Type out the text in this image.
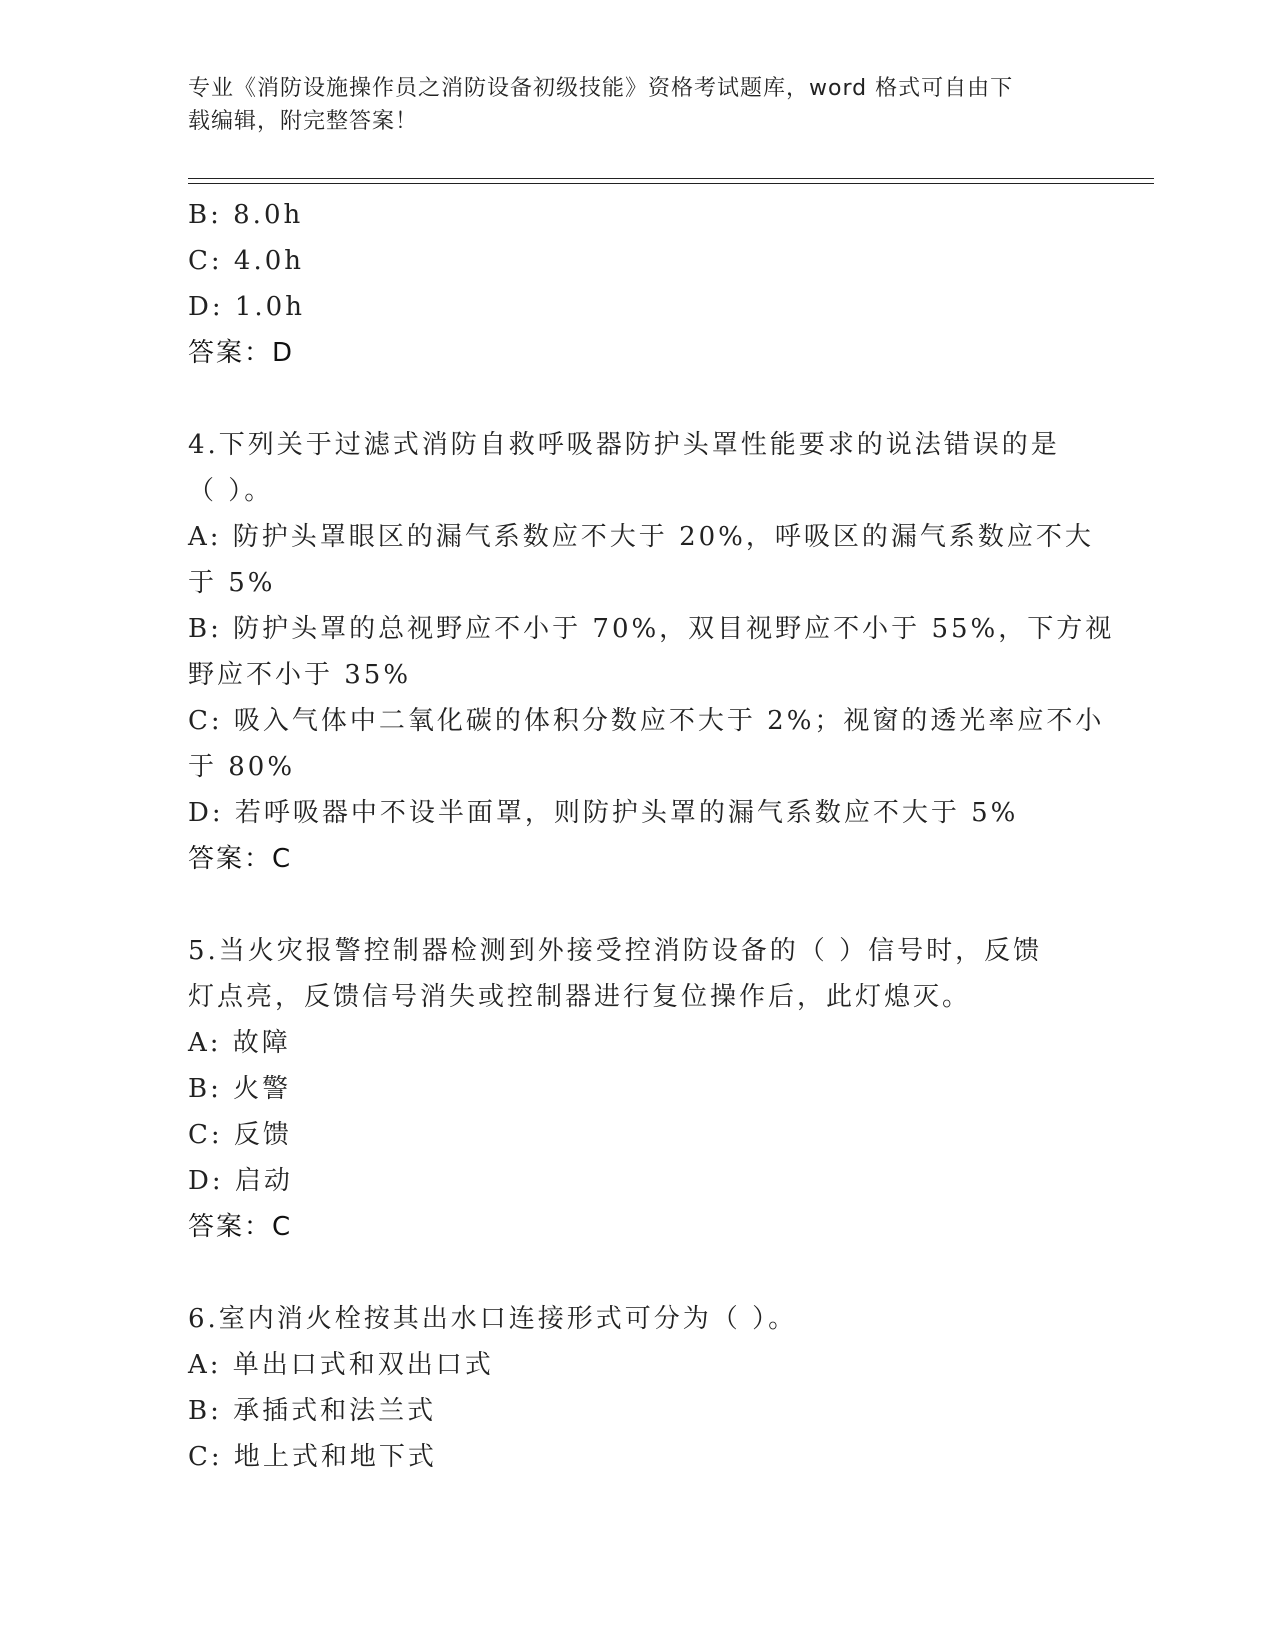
专业《消防设施操作员之消防设备初级技能》资格考试题库，word 格式可自由下
载编辑，附完整答案！
B: 8.0h
C: 4.0h
D: 1.0h
答案：D
4.下列关于过滤式消防自救呼吸器防护头罩性能要求的说法错误的是
（ ）。
A: 防护头罩眼区的漏气系数应不大于 20%，呼吸区的漏气系数应不大
于 5%
B: 防护头罩的总视野应不小于 70%，双目视野应不小于 55%，下方视
野应不小于 35%
C: 吸入气体中二氧化碳的体积分数应不大于 2%；视窗的透光率应不小
于 80%
D: 若呼吸器中不设半面罩，则防护头罩的漏气系数应不大于 5%
答案：C
5.当火灾报警控制器检测到外接受控消防设备的（ ）信号时，反馈
灯点亮，反馈信号消失或控制器进行复位操作后，此灯熄灭。
A: 故障
B: 火警
C: 反馈
D: 启动
答案：C
6.室内消火栓按其出水口连接形式可分为（ ）。
A: 单出口式和双出口式
B: 承插式和法兰式
C: 地上式和地下式
